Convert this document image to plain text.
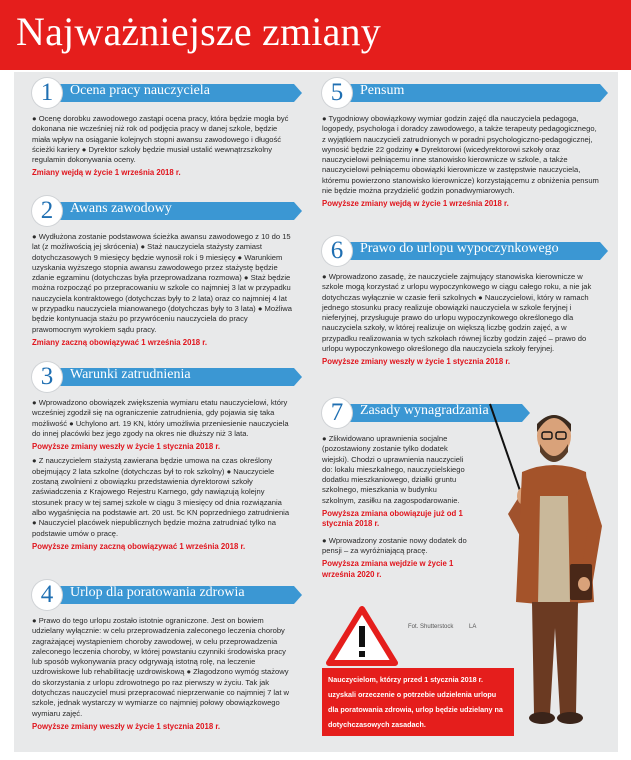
Najważniejsze zmiany
1	Ocena pracy nauczyciela

● Ocenę dorobku zawodowego zastąpi ocena pracy, która będzie mogła być dokonana nie wcześniej niż rok od podjęcia pracy w danej szkole, będzie miała wpływ na osiąganie kolejnych stopni awansu zawodowego i długość ścieżki kariery ● Dyrektor szkoły będzie musiał ustalić wewnątrzszkolny regulamin dokonywania oceny.

Zmiany wejdą w życie 1 września 2018 r.
2	Awans zawodowy

● Wydłużona zostanie podstawowa ścieżka awansu zawodowego z 10 do 15 lat (z możliwością jej skrócenia) ● Staż nauczyciela stażysty zamiast dotychczasowych 9 miesięcy będzie wynosił rok i 9 miesięcy ● Warunkiem uzyskania wyższego stopnia awansu zawodowego przez stażystę będzie zdanie egzaminu (dotychczas była przeprowadzana rozmowa) ● Staż będzie można rozpocząć po przepracowaniu w szkole co najmniej 3 lat w przypadku nauczyciela kontraktowego (dotychczas były to 2 lata) oraz co najmniej 4 lat w przypadku nauczyciela mianowanego (dotychczas były to 3 lata) ● Możliwa będzie kontynuacja stażu po przywróceniu nauczyciela do pracy prawomocnym wyrokiem sądu pracy.

Zmiany zaczną obowiązywać 1 września 2018 r.
3	Warunki zatrudnienia

● Wprowadzono obowiązek zwiększenia wymiaru etatu nauczycielowi, który wcześniej zgodził się na ograniczenie zatrudnienia, gdy pojawia się taka możliwość ● Uchylono art. 19 KN, który umożliwia przeniesienie nauczyciela do innej placówki bez jego zgody na okres nie dłuższy niż 3 lata.

Powyższe zmiany weszły w życie 1 stycznia 2018 r.

● Z nauczycielem stażystą zawierana będzie umowa na czas określony obejmujący 2 lata szkolne (dotychczas był to rok szkolny) ● Nauczyciele zostaną zwolnieni z obowiązku przedstawienia dyrektorowi szkoły zaświadczenia z Krajowego Rejestru Karnego, gdy nawiązują kolejny stosunek pracy w tej samej szkole w ciągu 3 miesięcy od dnia rozwiązania albo wygaśnięcia na podstawie art. 20 ust. 5c KN poprzedniego zatrudnienia ● Nauczyciel placówek niepublicznych będzie można zatrudniać tylko na podstawie umów o pracę.

Powyższe zmiany zaczną obowiązywać 1 września 2018 r.
4	Urlop dla poratowania zdrowia

● Prawo do tego urlopu zostało istotnie ograniczone. Jest on bowiem udzielany wyłącznie: w celu przeprowadzenia zaleconego leczenia choroby zagrażającej wystąpieniem choroby zawodowej, w celu przeprowadzenia zaleconego leczenia choroby, w której powstaniu czynniki środowiska pracy lub sposób wykonywania pracy odgrywają istotną rolę, na leczenie uzdrowiskowe lub rehabilitację uzdrowiskową ● Złagodzono wymóg stażowy do skorzystania z urlopu zdrowotnego po raz pierwszy w życiu. Tak jak dotychczas nauczyciel musi przepracować nieprzerwanie co najmniej 7 lat w szkole, jednak wystarczy w wymiarze co najmniej połowy obowiązkowego wymiaru zajęć.

Powyższe zmiany weszły w życie 1 stycznia 2018 r.
5	Pensum

● Tygodniowy obowiązkowy wymiar godzin zajęć dla nauczyciela pedagoga, logopedy, psychologa i doradcy zawodowego, a także terapeuty pedagogicznego, z wyjątkiem nauczycieli zatrudnionych w poradni psychologiczno-pedagogicznej, wynosić będzie 22 godziny ● Dyrektorowi (wicedyrektorowi szkoły oraz nauczycielowi pełniącemu inne stanowisko kierownicze w szkole, a także nauczycielowi pełniącemu obowiązki kierownicze w zastępstwie nauczyciela, któremu powierzono stanowisko kierownicze) korzystającemu z obniżenia pensum nie będzie można przydzielić godzin ponadwymiarowych.

Powyższe zmiany wejdą w życie 1 września 2018 r.
6	Prawo do urlopu wypoczynkowego

● Wprowadzono zasadę, że nauczyciele zajmujący stanowiska kierownicze w szkole mogą korzystać z urlopu wypoczynkowego w ciągu całego roku, a nie jak dotychczas wyłącznie w czasie ferii szkolnych ● Nauczycielowi, który w ramach jednego stosunku pracy realizuje obowiązki nauczyciela w szkole feryjnej i nieferyjnej, przysługuje prawo do urlopu wypoczynkowego określonego dla nauczyciela szkoły, w której realizuje on większą liczbę godzin zajęć, a w przypadku realizowania w tych szkołach równej liczby godzin zajęć – prawo do urlopu wypoczynkowego określonego dla nauczyciela szkoły feryjnej.

Powyższe zmiany weszły w życie 1 stycznia 2018 r.
7	Zasady wynagradzania

● Zlikwidowano uprawnienia socjalne (pozostawiony zostanie tylko dodatek wiejski). Chodzi o uprawnienia nauczycieli do: lokalu mieszkalnego, nauczycielskiego dodatku mieszkaniowego, działki gruntu szkolnego, mieszkania w budynku szkolnym, zasiłku na zagospodarowanie.

Powyższa zmiana obowiązuje już od 1 stycznia 2018 r.

● Wprowadzony zostanie nowy dodatek do pensji – za wyróżniającą pracę.

Powyższa zmiana wejdzie w życie 1 września 2020 r.
Fot. Shutterstock	LA
Nauczycielom, którzy przed 1 stycznia 2018 r. uzyskali orzeczenie o potrzebie udzielenia urlopu dla poratowania zdrowia, urlop będzie udzielany na dotychczasowych zasadach.
